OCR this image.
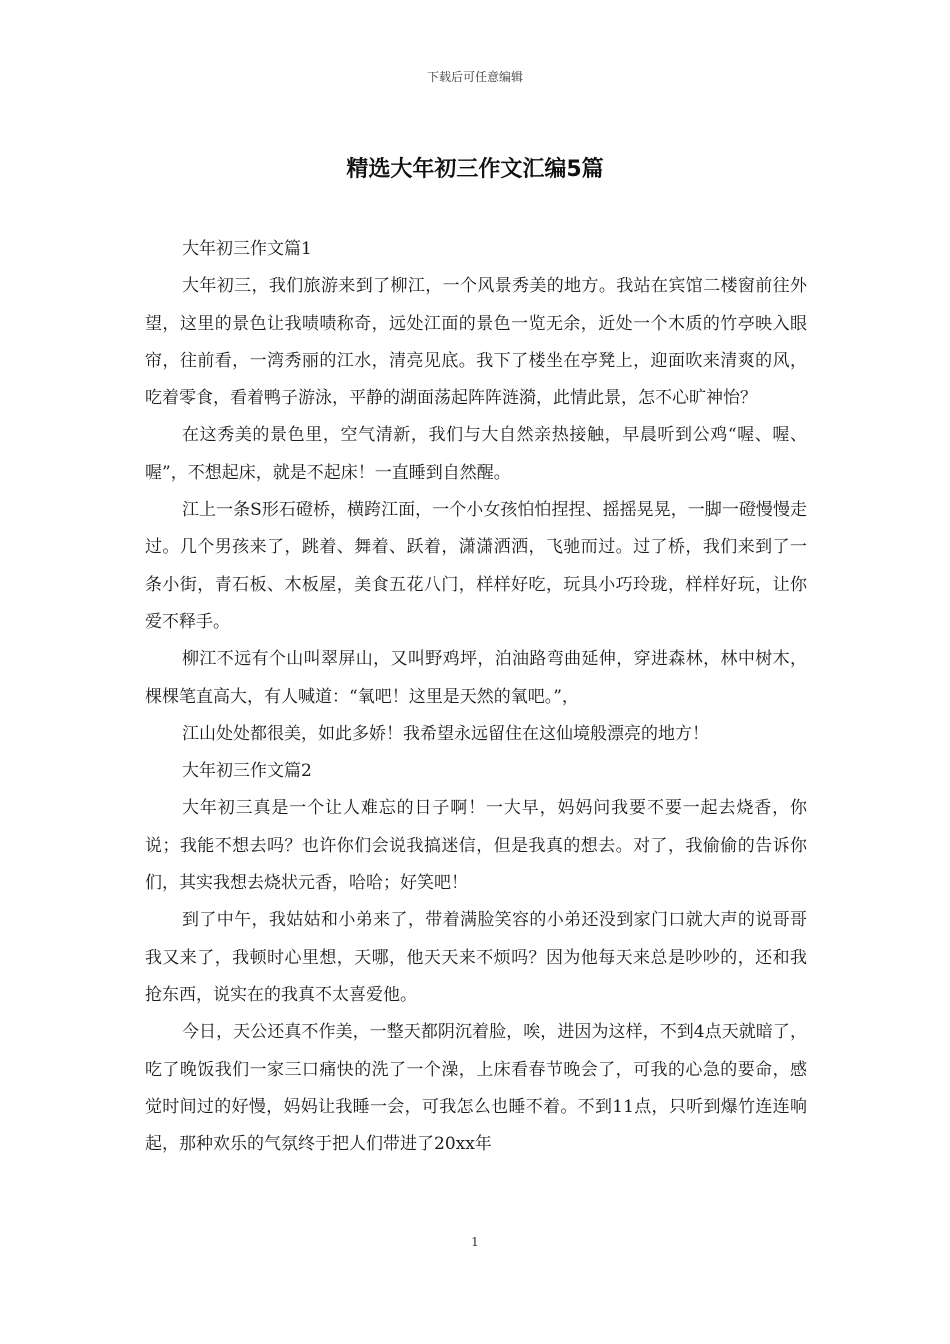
下载后可任意编辑
精选大年初三作文汇编5篇

大年初三作文篇1

大年初三，我们旅游来到了柳江，一个风景秀美的地方。我站在宾馆二楼窗前往外望，这里的景色让我啧啧称奇，远处江面的景色一览无余，近处一个木质的竹亭映入眼帘，往前看，一湾秀丽的江水，清亮见底。我下了楼坐在亭凳上，迎面吹来清爽的风，吃着零食，看着鸭子游泳，平静的湖面荡起阵阵涟漪，此情此景，怎不心旷神怡？

在这秀美的景色里，空气清新，我们与大自然亲热接触，早晨听到公鸡“喔、喔、喔”，不想起床，就是不起床！一直睡到自然醒。

江上一条S形石磴桥，横跨江面，一个小女孩怕怕捏捏、摇摇晃晃，一脚一磴慢慢走过。几个男孩来了，跳着、舞着、跃着，潇潇洒洒，飞驰而过。过了桥，我们来到了一条小街，青石板、木板屋，美食五花八门，样样好吃，玩具小巧玲珑，样样好玩，让你爱不释手。

柳江不远有个山叫翠屏山，又叫野鸡坪，泊油路弯曲延伸，穿进森林，林中树木，棵棵笔直高大，有人喊道：“氧吧！这里是天然的氧吧。”，

江山处处都很美，如此多娇！我希望永远留住在这仙境般漂亮的地方！

大年初三作文篇2

大年初三真是一个让人难忘的日子啊！一大早，妈妈问我要不要一起去烧香，你说；我能不想去吗？也许你们会说我搞迷信，但是我真的想去。对了，我偷偷的告诉你们，其实我想去烧状元香，哈哈；好笑吧！

到了中午，我姑姑和小弟来了，带着满脸笑容的小弟还没到家门口就大声的说哥哥我又来了，我顿时心里想，天哪，他天天来不烦吗？因为他每天来总是吵吵的，还和我抢东西，说实在的我真不太喜爱他。

今日，天公还真不作美，一整天都阴沉着脸，唉，进因为这样，不到4点天就暗了，吃了晚饭我们一家三口痛快的洗了一个澡，上床看春节晚会了，可我的心急的要命，感觉时间过的好慢，妈妈让我睡一会，可我怎么也睡不着。不到11点，只听到爆竹连连响起，那种欢乐的气氛终于把人们带进了20xx年

1
